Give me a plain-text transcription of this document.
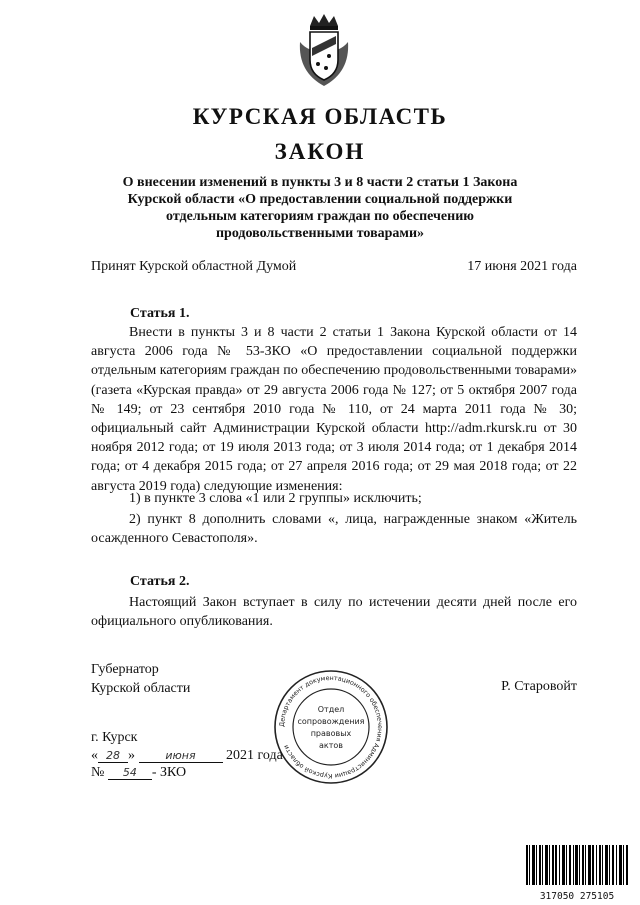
КУРСКАЯ ОБЛАСТЬ
ЗАКОН
О внесении изменений в пункты 3 и 8 части 2 статьи 1 Закона Курской области «О предоставлении социальной поддержки отдельным категориям граждан по обеспечению продовольственными товарами»
Принят Курской областной Думой	17 июня 2021 года
Статья 1.
Внести в пункты 3 и 8 части 2 статьи 1 Закона Курской области от 14 августа 2006 года № 53-ЗКО «О предоставлении социальной поддержки отдельным категориям граждан по обеспечению продовольственными товарами» (газета «Курская правда» от 29 августа 2006 года № 127; от 5 октября 2007 года № 149; от 23 сентября 2010 года № 110, от 24 марта 2011 года № 30; официальный сайт Администрации Курской области http://adm.rkursk.ru от 30 ноября 2012 года; от 19 июля 2013 года; от 3 июля 2014 года; от 1 декабря 2014 года; от 4 декабря 2015 года; от 27 апреля 2016 года; от 29 мая 2018 года; от 22 августа 2019 года) следующие изменения:
1) в пункте 3 слова «1 или 2 группы» исключить;
2) пункт 8 дополнить словами «, лица, награжденные знаком «Житель осажденного Севастополя».
Статья 2.
Настоящий Закон вступает в силу по истечении десяти дней после его официального опубликования.
Губернатор
Курской области	Р. Старовойт
Департамент документационного обеспечения Администрации Курской области
Отдел
сопровождения
правовых
актов
г. Курск
« 28 » июня 2021 года
№ 54 - ЗКО
317050 275105
